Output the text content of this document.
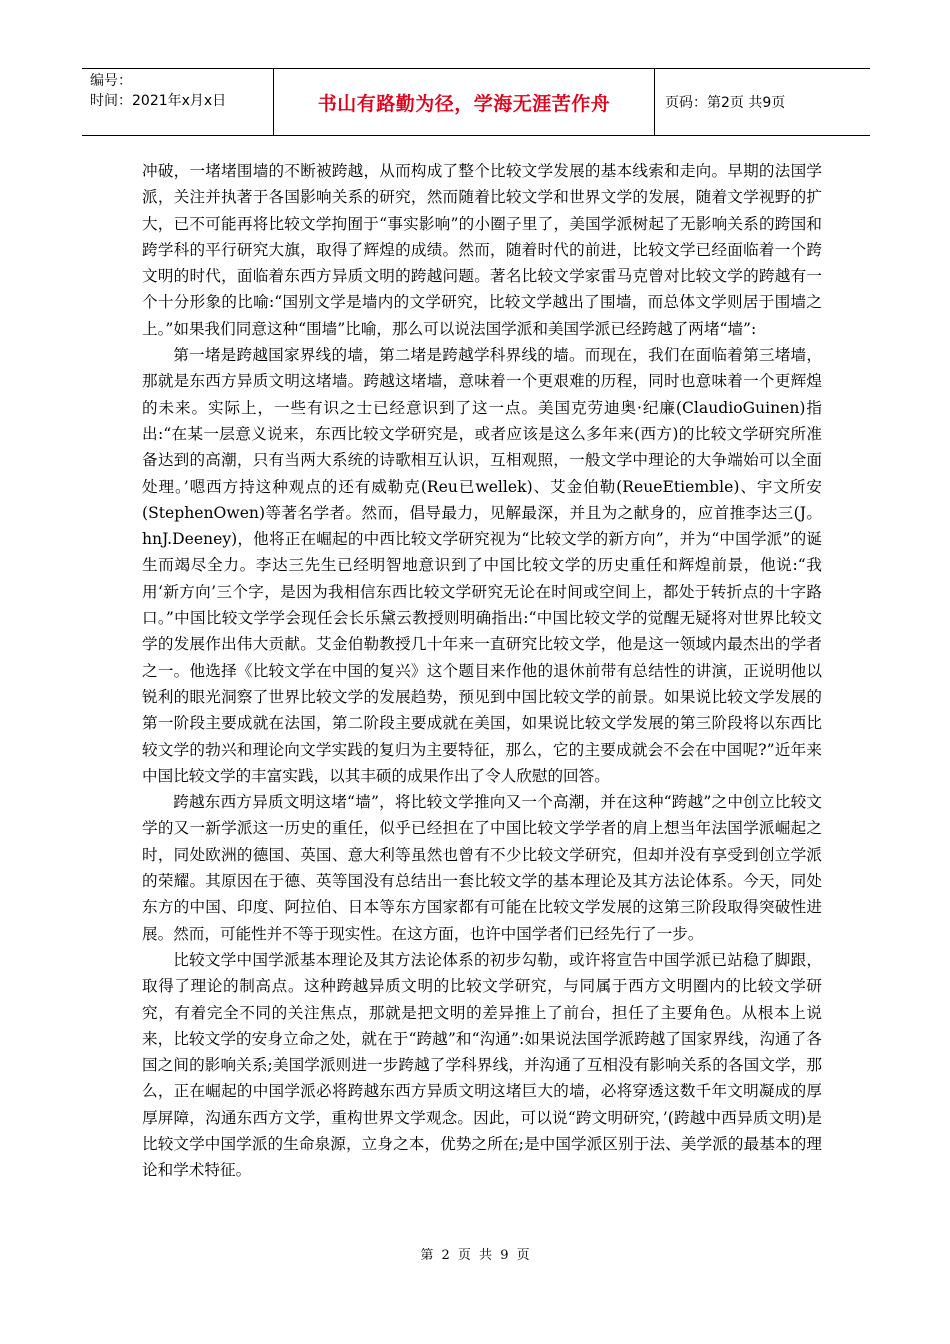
编号：
时间：2021年x月x日	书山有路勤为径，学海无涯苦作舟	页码：第2页 共9页

冲破，一堵堵围墙的不断被跨越，从而构成了整个比较文学发展的基本线索和走向。早期的法国学派，关注并执著于各国影响关系的研究，然而随着比较文学和世界文学的发展，随着文学视野的扩大，已不可能再将比较文学拘囿于“事实影响”的小圈子里了，美国学派树起了无影响关系的跨国和跨学科的平行研究大旗，取得了辉煌的成绩。然而，随着时代的前进，比较文学已经面临着一个跨文明的时代，面临着东西方异质文明的跨越问题。著名比较文学家雷马克曾对比较文学的跨越有一个十分形象的比喻:“国别文学是墙内的文学研究，比较文学越出了围墙，而总体文学则居于围墙之上。”如果我们同意这种“围墙”比喻，那么可以说法国学派和美国学派已经跨越了两堵“墙”:

第一堵是跨越国家界线的墙，第二堵是跨越学科界线的墙。而现在，我们在面临着第三堵墙，那就是东西方异质文明这堵墙。跨越这堵墙，意味着一个更艰难的历程，同时也意味着一个更辉煌的未来。实际上，一些有识之士已经意识到了这一点。美国克劳迪奥·纪廉(ClaudioGuinen)指出:“在某一层意义说来，东西比较文学研究是，或者应该是这么多年来(西方)的比较文学研究所准备达到的高潮，只有当两大系统的诗歌相互认识，互相观照，一般文学中理论的大争端始可以全面处理。’嗯西方持这种观点的还有威勒克(Reu已wellek)、艾金伯勒(ReueEtiemble)、宇文所安(StephenOwen)等著名学者。然而，倡导最力，见解最深，并且为之献身的，应首推李达三(J。hnJ.Deeney)，他将正在崛起的中西比较文学研究视为“比较文学的新方向”，并为“中国学派”的诞生而竭尽全力。李达三先生已经明智地意识到了中国比较文学的历史重任和辉煌前景，他说:“我用‘新方向’三个字，是因为我相信东西比较文学研究无论在时间或空间上，都处于转折点的十字路口。”中国比较文学学会现任会长乐黛云教授则明确指出:“中国比较文学的觉醒无疑将对世界比较文学的发展作出伟大贡献。艾金伯勒教授几十年来一直研究比较文学，他是这一领域内最杰出的学者之一。他选择《比较文学在中国的复兴》这个题目来作他的退休前带有总结性的讲演，正说明他以锐利的眼光洞察了世界比较文学的发展趋势，预见到中国比较文学的前景。如果说比较文学发展的第一阶段主要成就在法国，第二阶段主要成就在美国，如果说比较文学发展的第三阶段将以东西比较文学的勃兴和理论向文学实践的复归为主要特征，那么，它的主要成就会不会在中国呢?”近年来中国比较文学的丰富实践，以其丰硕的成果作出了令人欣慰的回答。

跨越东西方异质文明这堵“墙”，将比较文学推向又一个高潮，并在这种“跨越”之中创立比较文学的又一新学派这一历史的重任，似乎已经担在了中国比较文学学者的肩上想当年法国学派崛起之时，同处欧洲的德国、英国、意大利等虽然也曾有不少比较文学研究，但却并没有享受到创立学派的荣耀。其原因在于德、英等国没有总结出一套比较文学的基本理论及其方法论体系。今天，同处东方的中国、印度、阿拉伯、日本等东方国家都有可能在比较文学发展的这第三阶段取得突破性进展。然而，可能性并不等于现实性。在这方面，也许中国学者们已经先行了一步。

比较文学中国学派基本理论及其方法论体系的初步勾勒，或许将宣告中国学派已站稳了脚跟，取得了理论的制高点。这种跨越异质文明的比较文学研究，与同属于西方文明圈内的比较文学研究，有着完全不同的关注焦点，那就是把文明的差异推上了前台，担任了主要角色。从根本上说来，比较文学的安身立命之处，就在于“跨越”和“沟通”:如果说法国学派跨越了国家界线，沟通了各国之间的影响关系;美国学派则进一步跨越了学科界线，并沟通了互相没有影响关系的各国文学，那么，正在崛起的中国学派必将跨越东西方异质文明这堵巨大的墙，必将穿透这数千年文明凝成的厚厚屏障，沟通东西方文学，重构世界文学观念。因此，可以说“跨文明研究，’(跨越中西异质文明)是比较文学中国学派的生命泉源，立身之本，优势之所在;是中国学派区别于法、美学派的最基本的理论和学术特征。

第 2 页 共 9 页
